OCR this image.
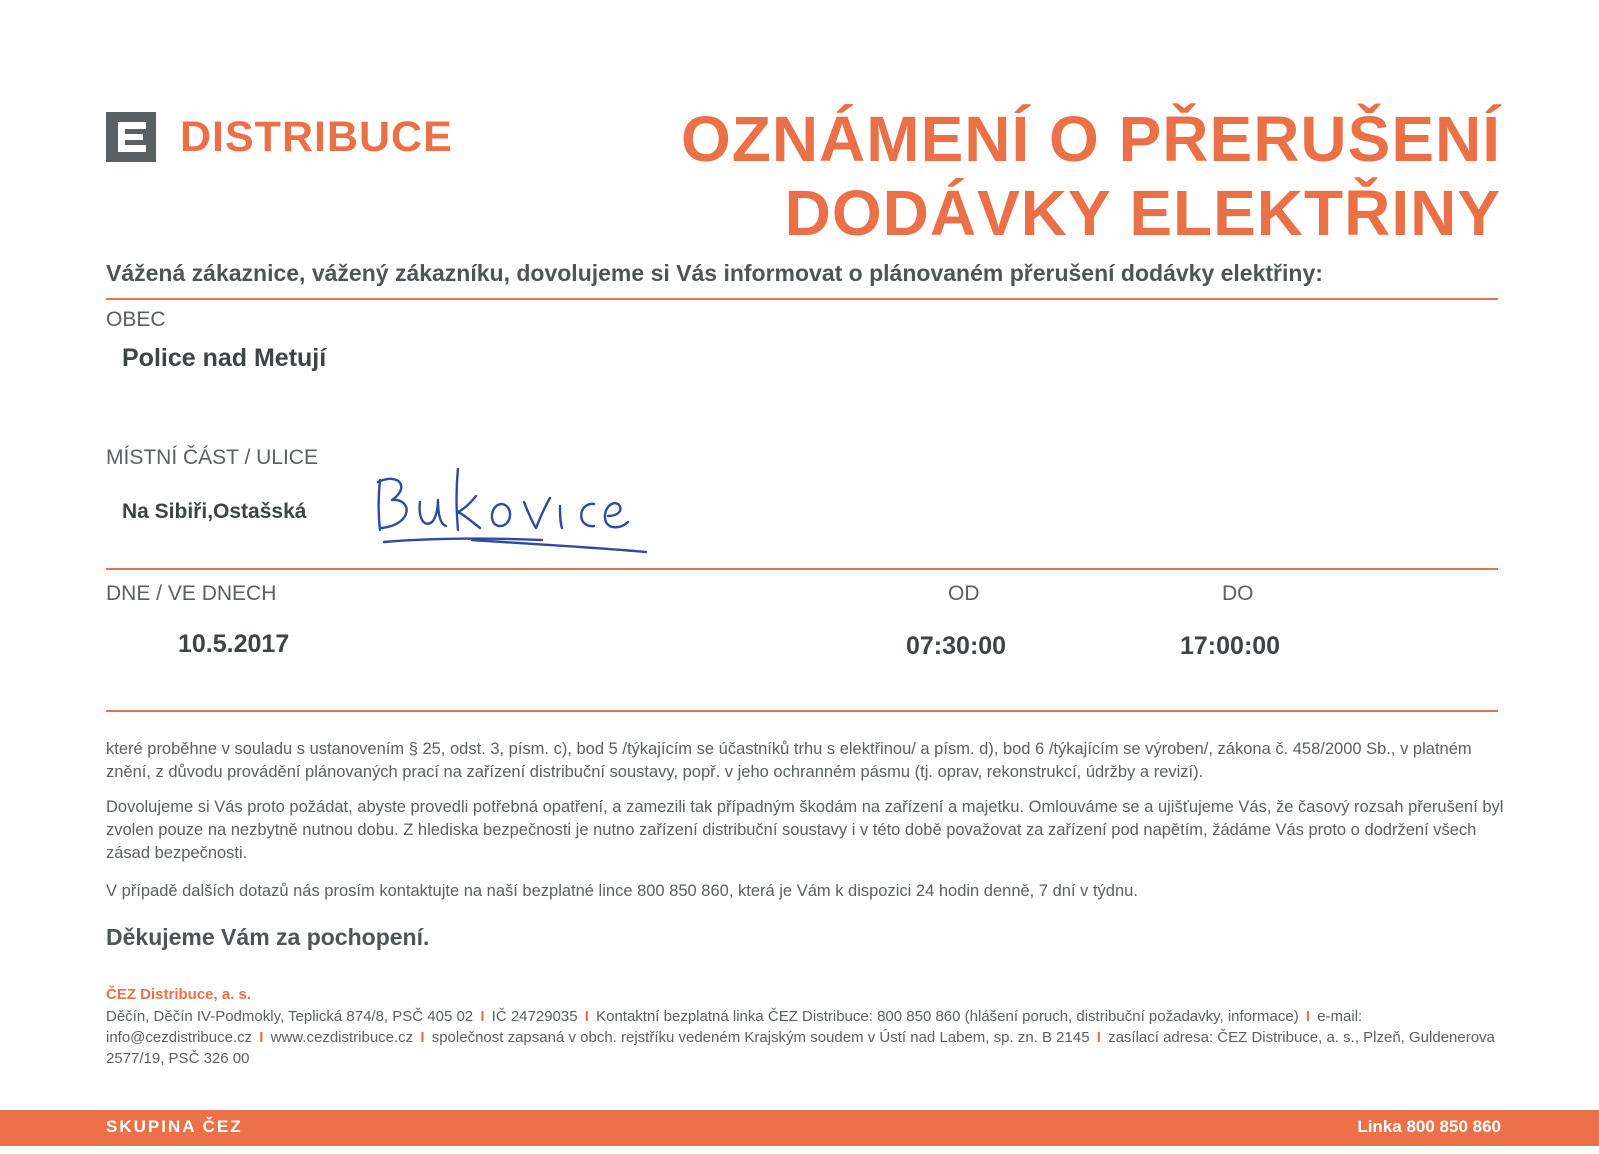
DISTRIBUCE	OZNÁMENÍ O PŘERUŠENÍ
DODÁVKY ELEKTŘINY
Vážená zákaznice, vážený zákazníku, dovolujeme si Vás informovat o plánovaném přerušení dodávky elektřiny:
OBEC
Police nad Metují
MÍSTNÍ ČÁST / ULICE
Na Sibiři,Ostašská
DNE / VE DNECH	OD	DO
10.5.2017	07:30:00	17:00:00
které proběhne v souladu s ustanovením § 25, odst. 3, písm. c), bod 5 /týkajícím se účastníků trhu s elektřinou/ a písm. d), bod 6 /týkajícím se výroben/, zákona č. 458/2000 Sb., v platném znění, z důvodu provádění plánovaných prací na zařízení distribuční soustavy, popř. v jeho ochranném pásmu (tj. oprav, rekonstrukcí, údržby a revizí).
Dovolujeme si Vás proto požádat, abyste provedli potřebná opatření, a zamezili tak případným škodám na zařízení a majetku. Omlouváme se a ujišťujeme Vás, že časový rozsah přerušení byl zvolen pouze na nezbytně nutnou dobu. Z hlediska bezpečnosti je nutno zařízení distribuční soustavy i v této době považovat za zařízení pod napětím, žádáme Vás proto o dodržení všech zásad bezpečnosti.
V případě dalších dotazů nás prosím kontaktujte na naší bezplatné lince 800 850 860, která je Vám k dispozici 24 hodin denně, 7 dní v týdnu.
Děkujeme Vám za pochopení.
ČEZ Distribuce, a. s.
Děčín, Děčín IV-Podmokly, Teplická 874/8, PSČ 405 02 I IČ 24729035 I Kontaktní bezplatná linka ČEZ Distribuce: 800 850 860 (hlášení poruch, distribuční požadavky, informace) I e-mail: info@cezdistribuce.cz I www.cezdistribuce.cz I společnost zapsaná v obch. rejstříku vedeném Krajským soudem v Ústí nad Labem, sp. zn. B 2145 I zasílací adresa: ČEZ Distribuce, a. s., Plzeň, Guldenerova 2577/19, PSČ 326 00
SKUPINA ČEZ	Linka 800 850 860
